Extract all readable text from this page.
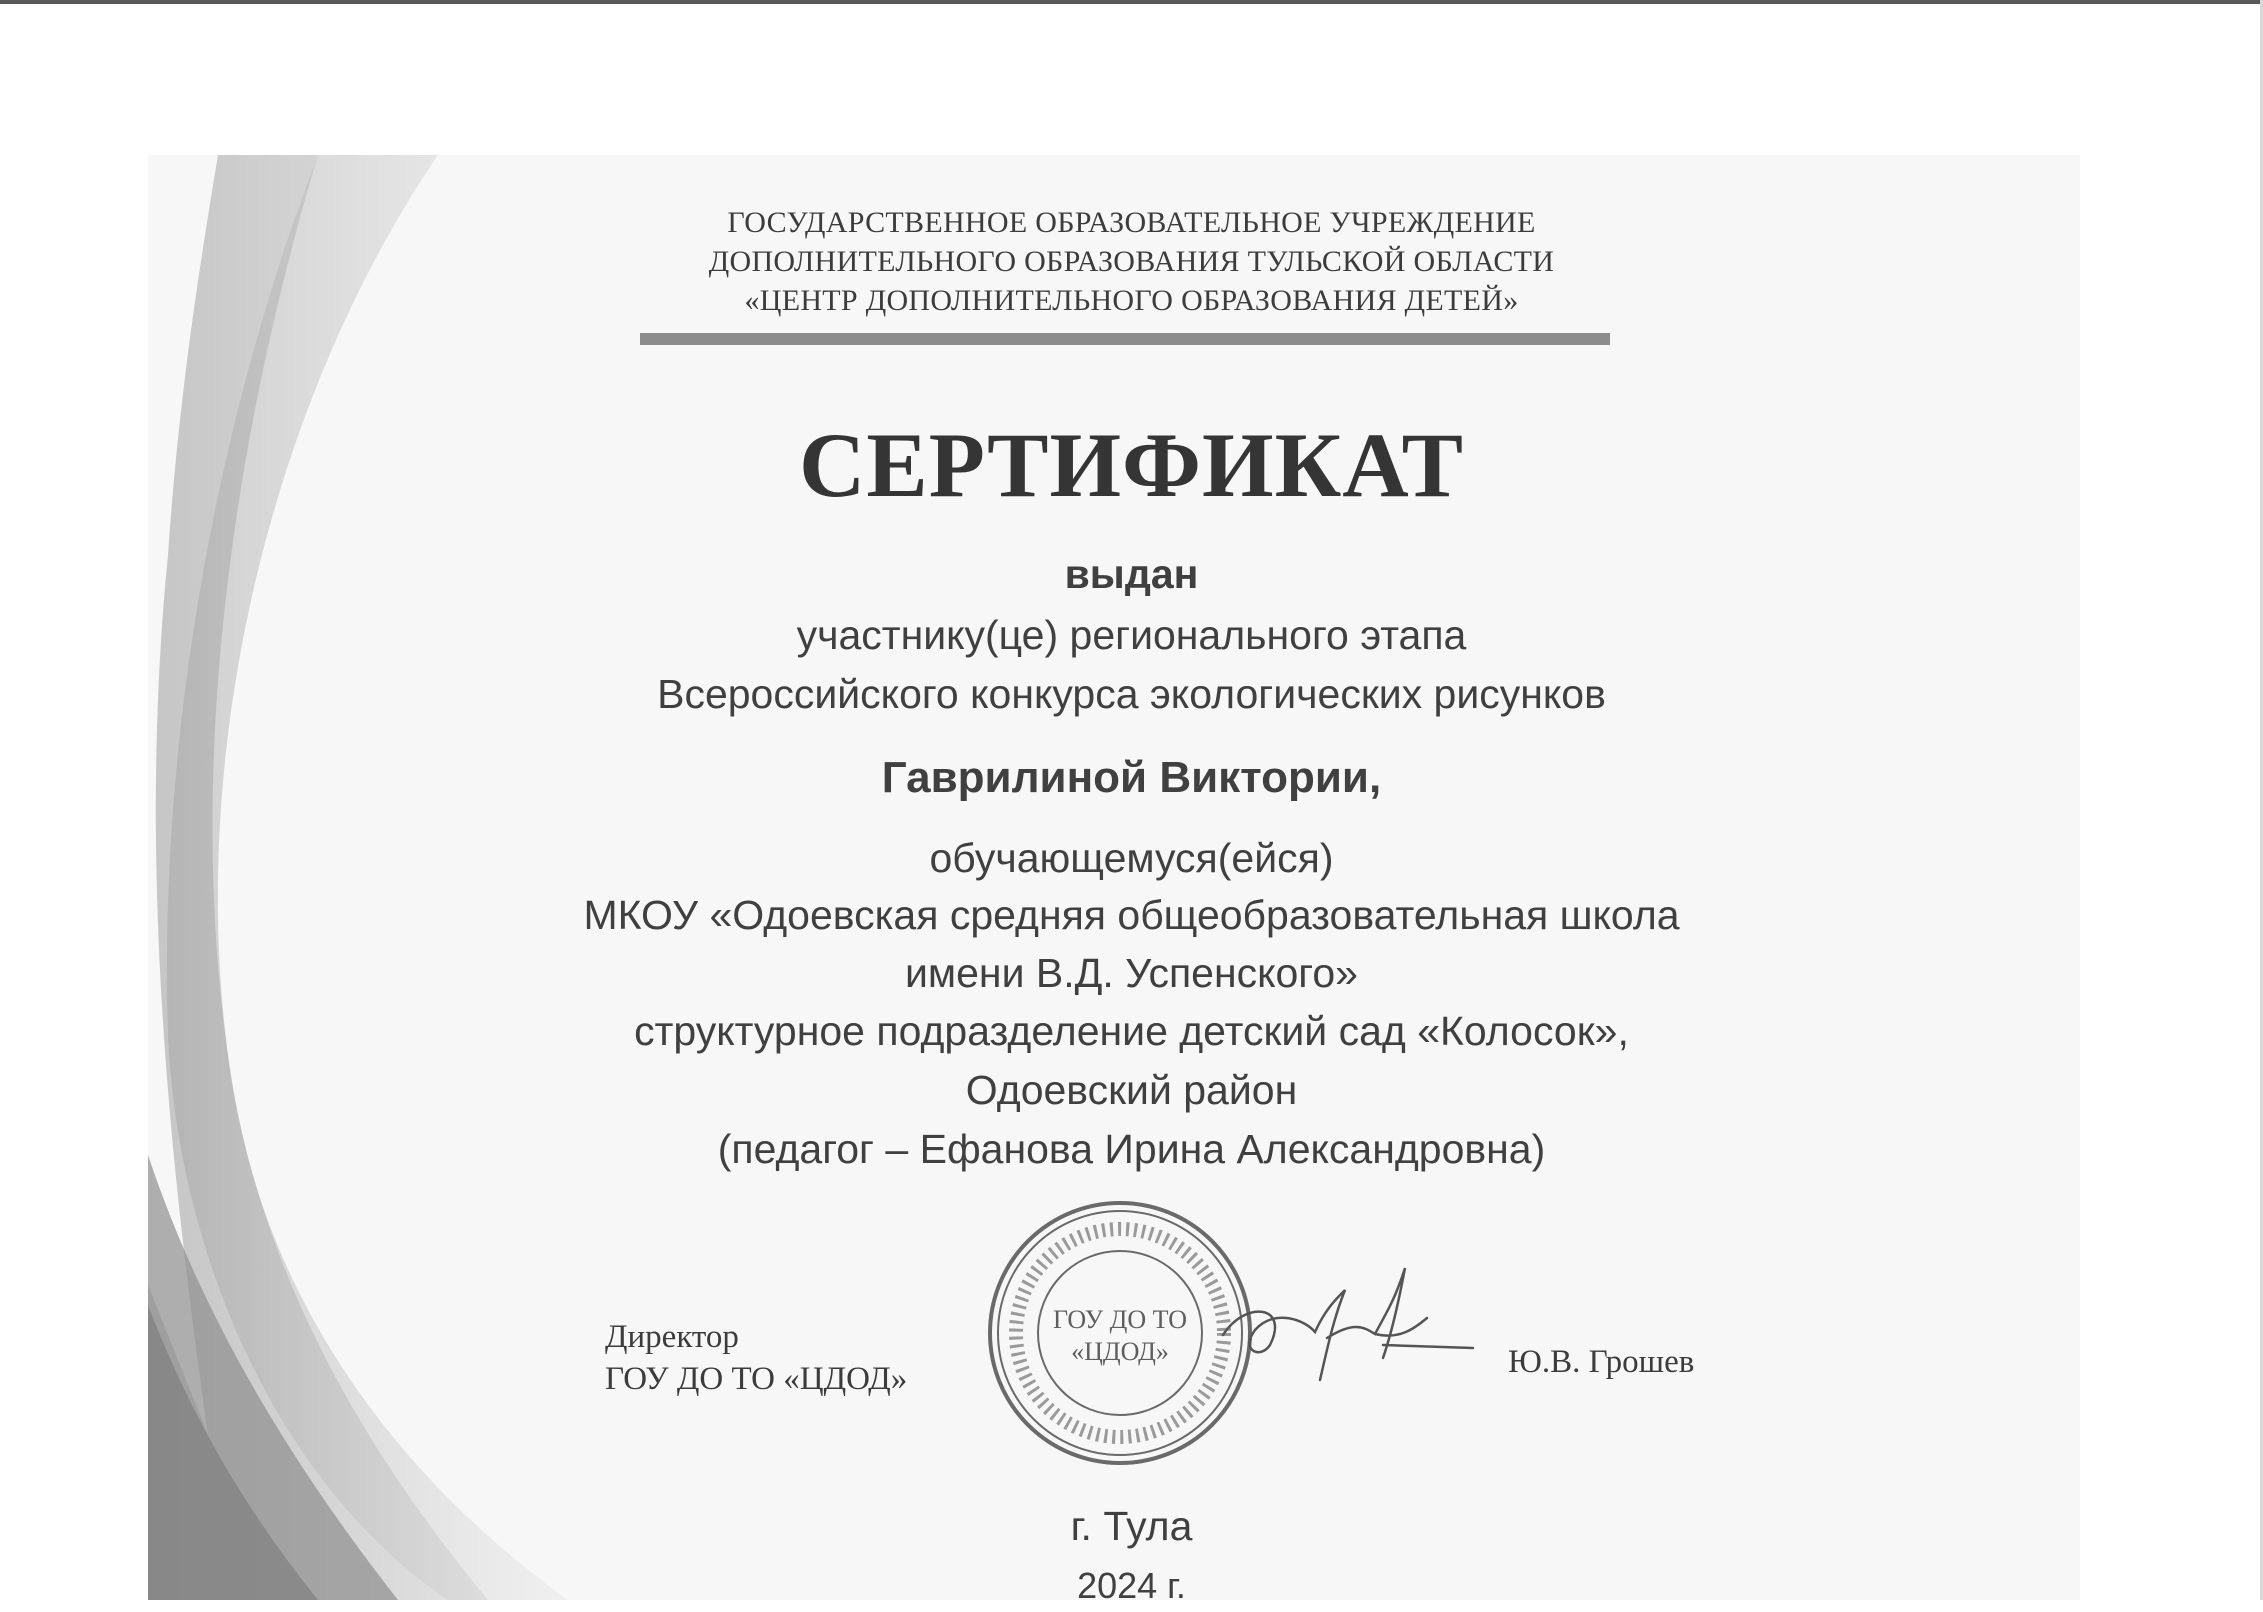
ГОСУДАРСТВЕННОЕ ОБРАЗОВАТЕЛЬНОЕ УЧРЕЖДЕНИЕ
ДОПОЛНИТЕЛЬНОГО ОБРАЗОВАНИЯ ТУЛЬСКОЙ ОБЛАСТИ
«ЦЕНТР ДОПОЛНИТЕЛЬНОГО ОБРАЗОВАНИЯ ДЕТЕЙ»
СЕРТИФИКАТ
выдан
участнику(це) регионального этапа
Всероссийского конкурса экологических рисунков
Гаврилиной Виктории,
обучающемуся(ейся)
МКОУ «Одоевская средняя общеобразовательная школа
имени В.Д. Успенского»
структурное подразделение детский сад «Колосок»,
Одоевский район
(педагог – Ефанова Ирина Александровна)
Директор
ГОУ ДО ТО «ЦДОД»	Ю.В. Грошев
ГОУ ДО ТО
«ЦДОД»
г. Тула
2024 г.
